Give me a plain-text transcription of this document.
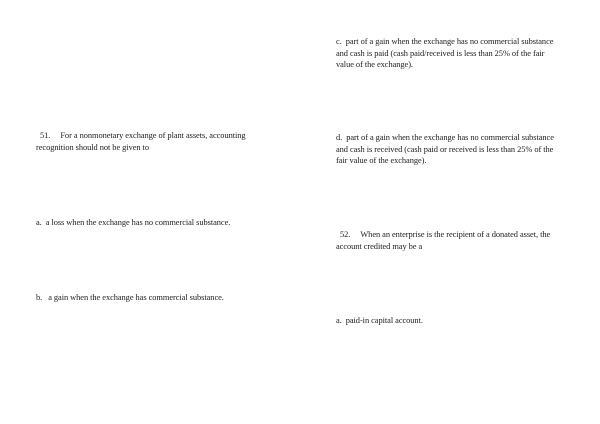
51. For a nonmonetary exchange of plant assets, accounting recognition should not be given to

a. a loss when the exchange has no commercial substance.

b. a gain when the exchange has commercial substance.

c. part of a gain when the exchange has no commercial substance and cash is paid (cash paid/received is less than 25% of the fair value of the exchange).

d. part of a gain when the exchange has no commercial substance and cash is received (cash paid or received is less than 25% of the fair value of the exchange).

52. When an enterprise is the recipient of a donated asset, the account credited may be a

a. paid-in capital account.
